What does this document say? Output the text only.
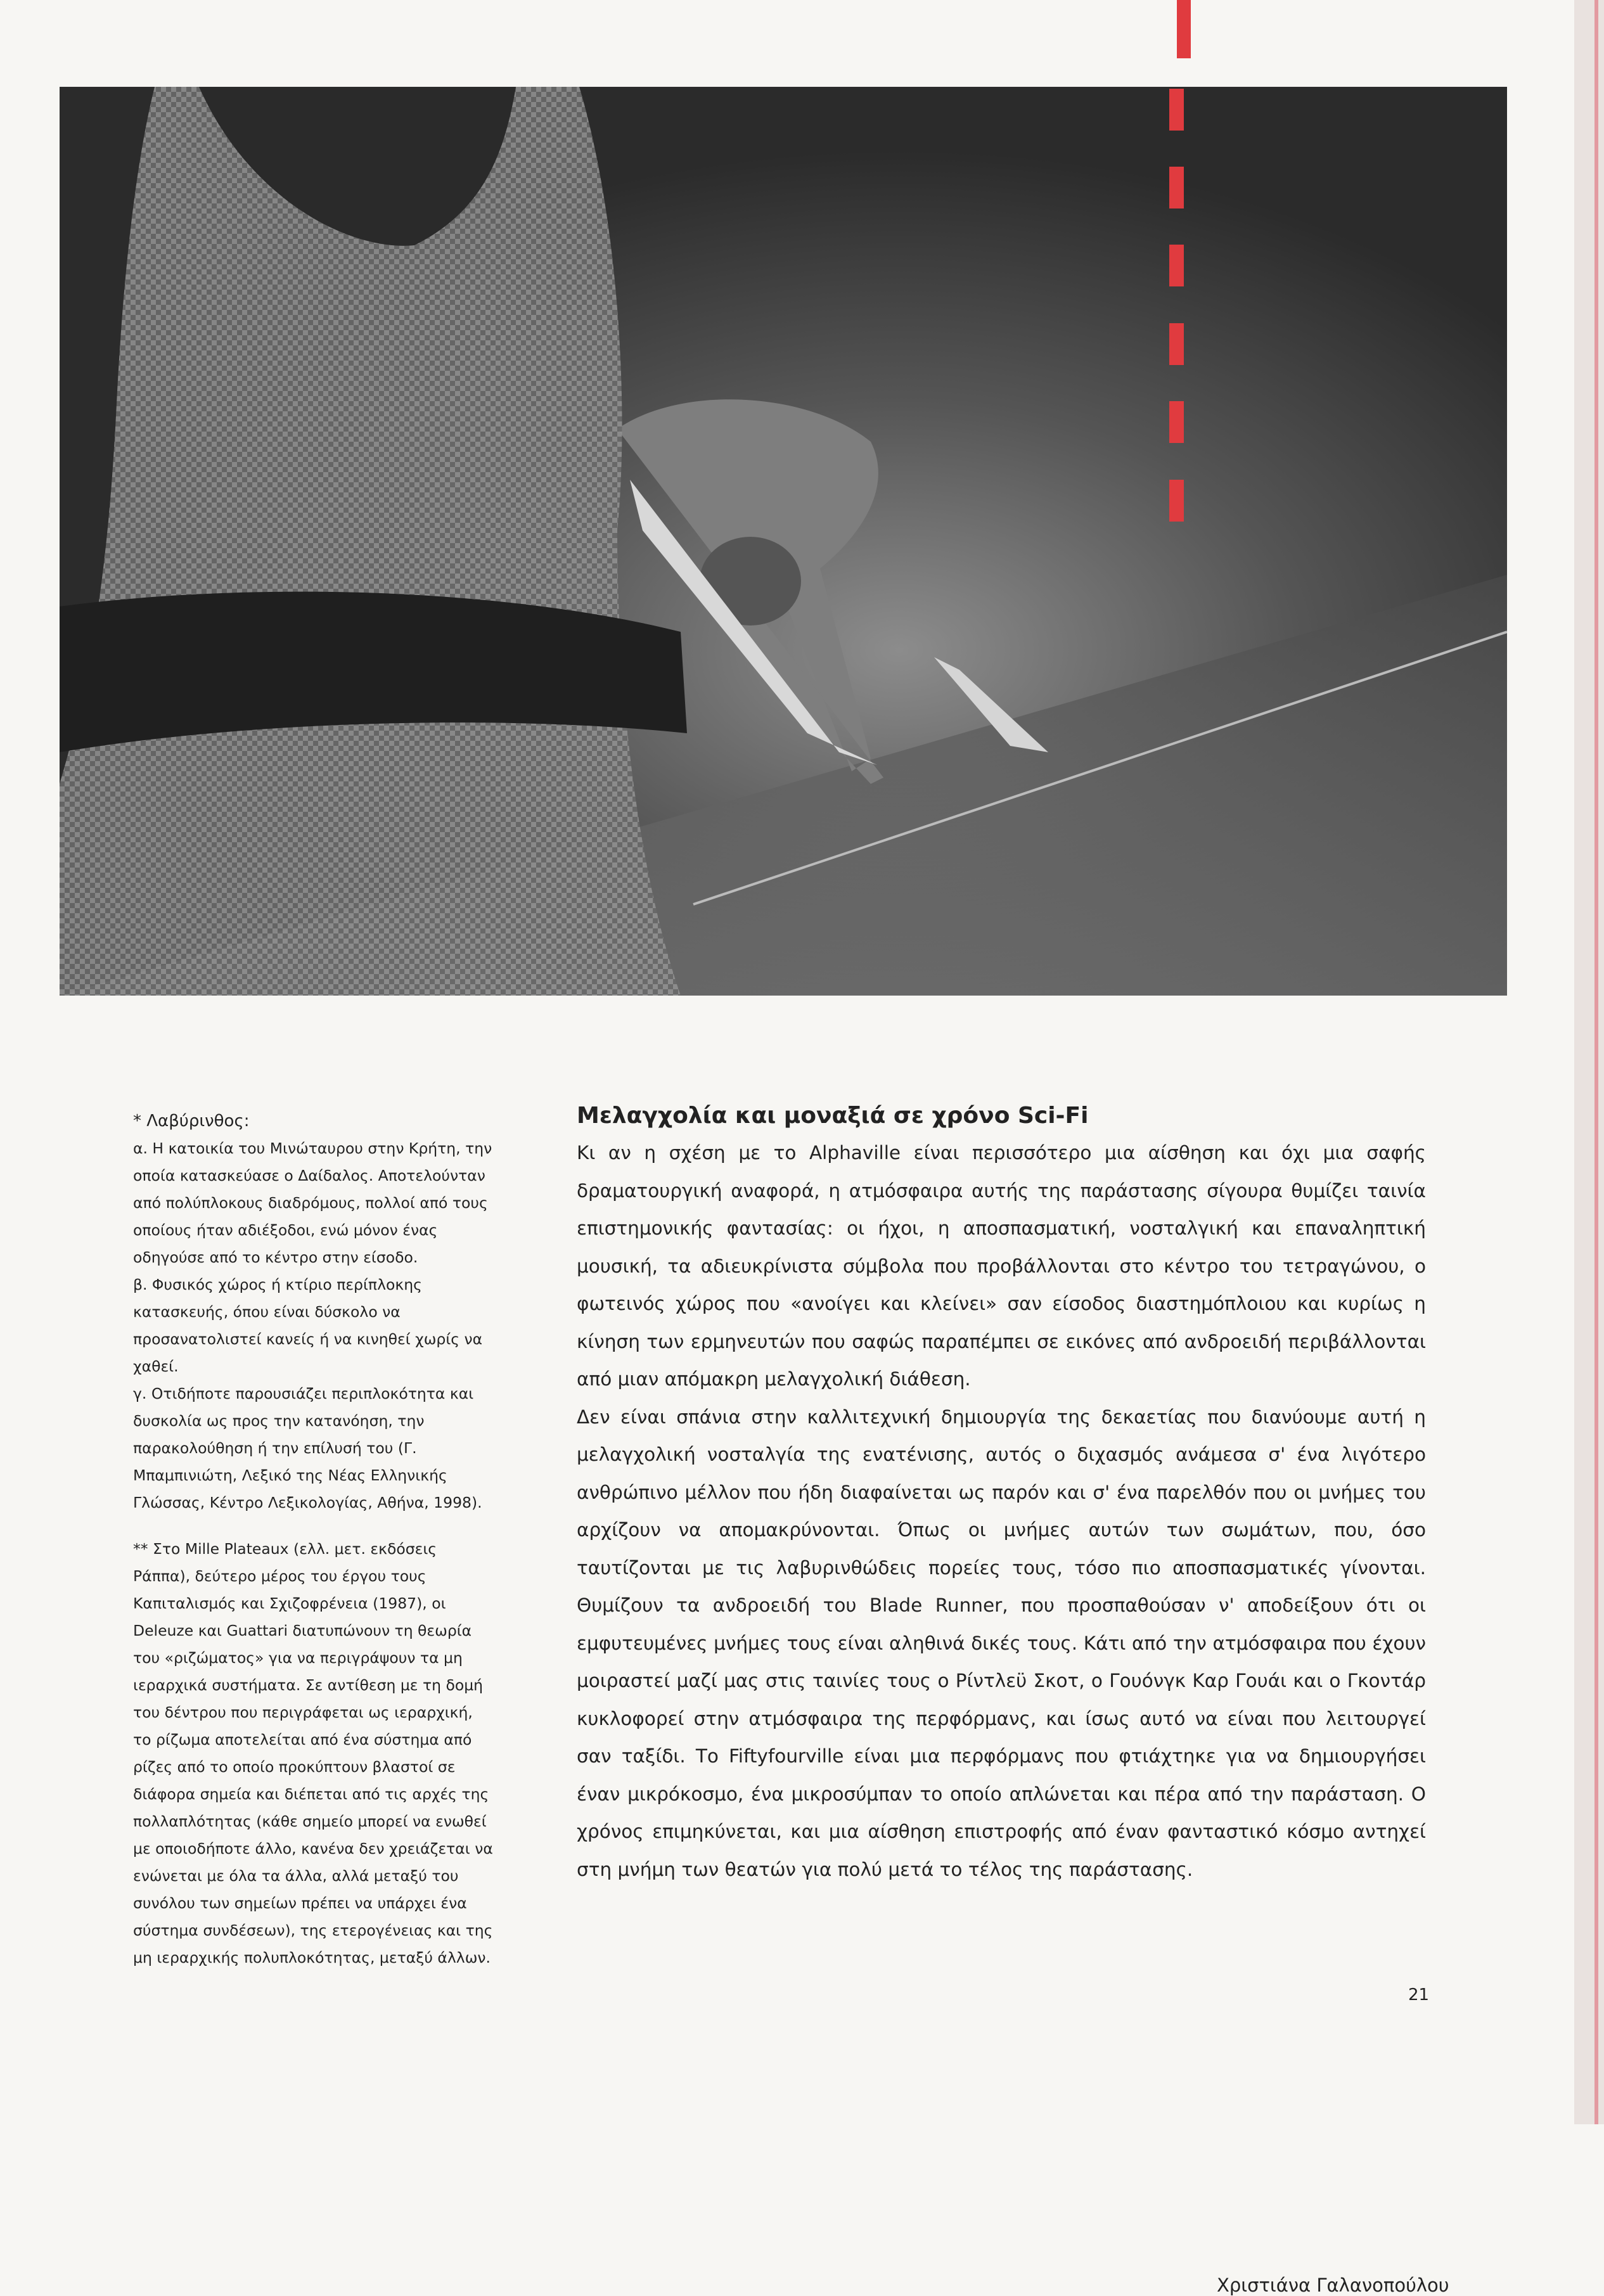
* Λαβύρινθος:

α. Η κατοικία του Μινώταυρου στην Κρήτη, την οποία κατασκεύασε ο Δαίδαλος. Αποτελούνταν από πολύπλοκους διαδρόμους, πολλοί από τους οποίους ήταν αδιέξοδοι, ενώ μόνον ένας οδηγούσε από το κέντρο στην είσοδο.

β. Φυσικός χώρος ή κτίριο περίπλοκης κατασκευής, όπου είναι δύσκολο να προσανατολιστεί κανείς ή να κινηθεί χωρίς να χαθεί.

γ. Οτιδήποτε παρουσιάζει περιπλοκότητα και δυσκολία ως προς την κατανόηση, την παρακολούθηση ή την επίλυσή του (Γ. Μπαμπινιώτη, Λεξικό της Νέας Ελληνικής Γλώσσας, Κέντρο Λεξικολογίας, Αθήνα, 1998).

** Στο Mille Plateaux (ελλ. μετ. εκδόσεις Ράππα), δεύτερο μέρος του έργου τους Καπιταλισμός και Σχιζοφρένεια (1987), οι Deleuze και Guattari διατυπώνουν τη θεωρία του «ριζώματος» για να περιγράψουν τα μη ιεραρχικά συστήματα. Σε αντίθεση με τη δομή του δέντρου που περιγράφεται ως ιεραρχική, το ρίζωμα αποτελείται από ένα σύστημα από ρίζες από το οποίο προκύπτουν βλαστοί σε διάφορα σημεία και διέπεται από τις αρχές της πολλαπλότητας (κάθε σημείο μπορεί να ενωθεί με οποιοδήποτε άλλο, κανένα δεν χρειάζεται να ενώνεται με όλα τα άλλα, αλλά μεταξύ του συνόλου των σημείων πρέπει να υπάρχει ένα σύστημα συνδέσεων), της ετερογένειας και της μη ιεραρχικής πολυπλοκότητας, μεταξύ άλλων.

Μελαγχολία και μοναξιά σε χρόνο Sci-Fi

Κι αν η σχέση με το Alphaville είναι περισσότερο μια αίσθηση και όχι μια σαφής δραματουργική αναφορά, η ατμόσφαιρα αυτής της παράστασης σίγουρα θυμίζει ταινία επιστημονικής φαντασίας: οι ήχοι, η αποσπασματική, νοσταλγική και επαναληπτική μουσική, τα αδιευκρίνιστα σύμβολα που προβάλλονται στο κέντρο του τετραγώνου, ο φωτεινός χώρος που «ανοίγει και κλείνει» σαν είσοδος διαστημόπλοιου και κυρίως η κίνηση των ερμηνευτών που σαφώς παραπέμπει σε εικόνες από ανδροειδή περιβάλλονται από μιαν απόμακρη μελαγχολική διάθεση.

Δεν είναι σπάνια στην καλλιτεχνική δημιουργία της δεκαετίας που διανύουμε αυτή η μελαγχολική νοσταλγία της ενατένισης, αυτός ο διχασμός ανάμεσα σ' ένα λιγότερο ανθρώπινο μέλλον που ήδη διαφαίνεται ως παρόν και σ' ένα παρελθόν που οι μνήμες του αρχίζουν να απομακρύνονται. Όπως οι μνήμες αυτών των σωμάτων, που, όσο ταυτίζονται με τις λαβυρινθώδεις πορείες τους, τόσο πιο αποσπασματικές γίνονται. Θυμίζουν τα ανδροειδή του Blade Runner, που προσπαθούσαν ν' αποδείξουν ότι οι εμφυτευμένες μνήμες τους είναι αληθινά δικές τους. Κάτι από την ατμόσφαιρα που έχουν μοιραστεί μαζί μας στις ταινίες τους ο Ρίντλεϋ Σκοτ, ο Γουόνγκ Καρ Γουάι και ο Γκοντάρ κυκλοφορεί στην ατμόσφαιρα της περφόρμανς, και ίσως αυτό να είναι που λειτουργεί σαν ταξίδι. Το Fiftyfourville είναι μια περφόρμανς που φτιάχτηκε για να δημιουργήσει έναν μικρόκοσμο, ένα μικροσύμπαν το οποίο απλώνεται και πέρα από την παράσταση. Ο χρόνος επιμηκύνεται, και μια αίσθηση επιστροφής από έναν φανταστικό κόσμο αντηχεί στη μνήμη των θεατών για πολύ μετά το τέλος της παράστασης.

Χριστιάνα Γαλανοπούλου
21
